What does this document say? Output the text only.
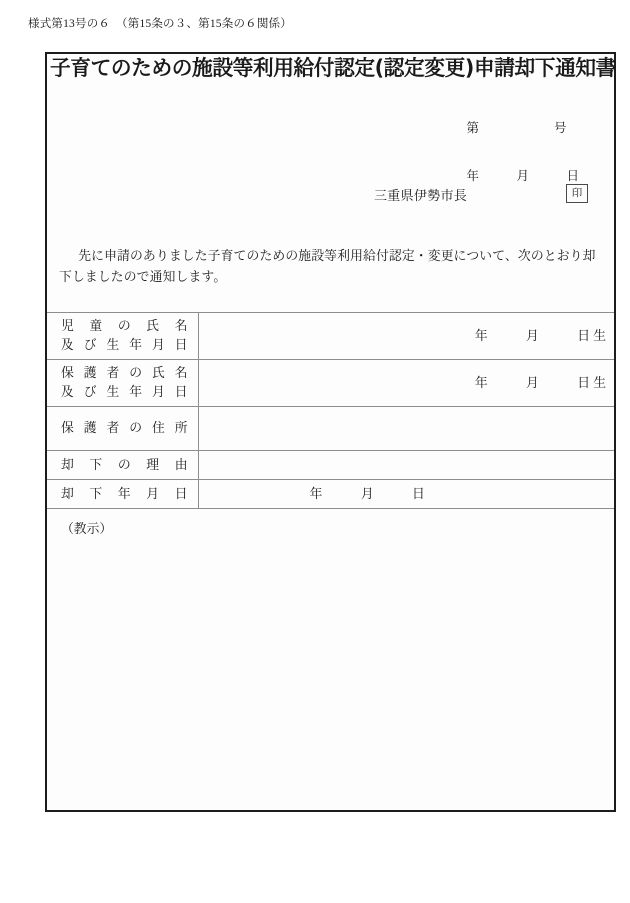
様式第13号の６　（第15条の３、第15条の６関係）
子育てのための施設等利用給付認定(認定変更)申請却下通知書

第　　　　　　号

年　　　月　　　日

三重県伊勢市長	印
先に申請のありました子育てのための施設等利用給付認定・変更について、次のとおり却下しましたので通知します。
児童の氏名
及び生年月日	年　　　月　　　日 生

保護者の氏名
及び生年月日	年　　　月　　　日 生

保護者の住所	

却下の理由	

却下年月日	年　　　月　　　日
（教示）
